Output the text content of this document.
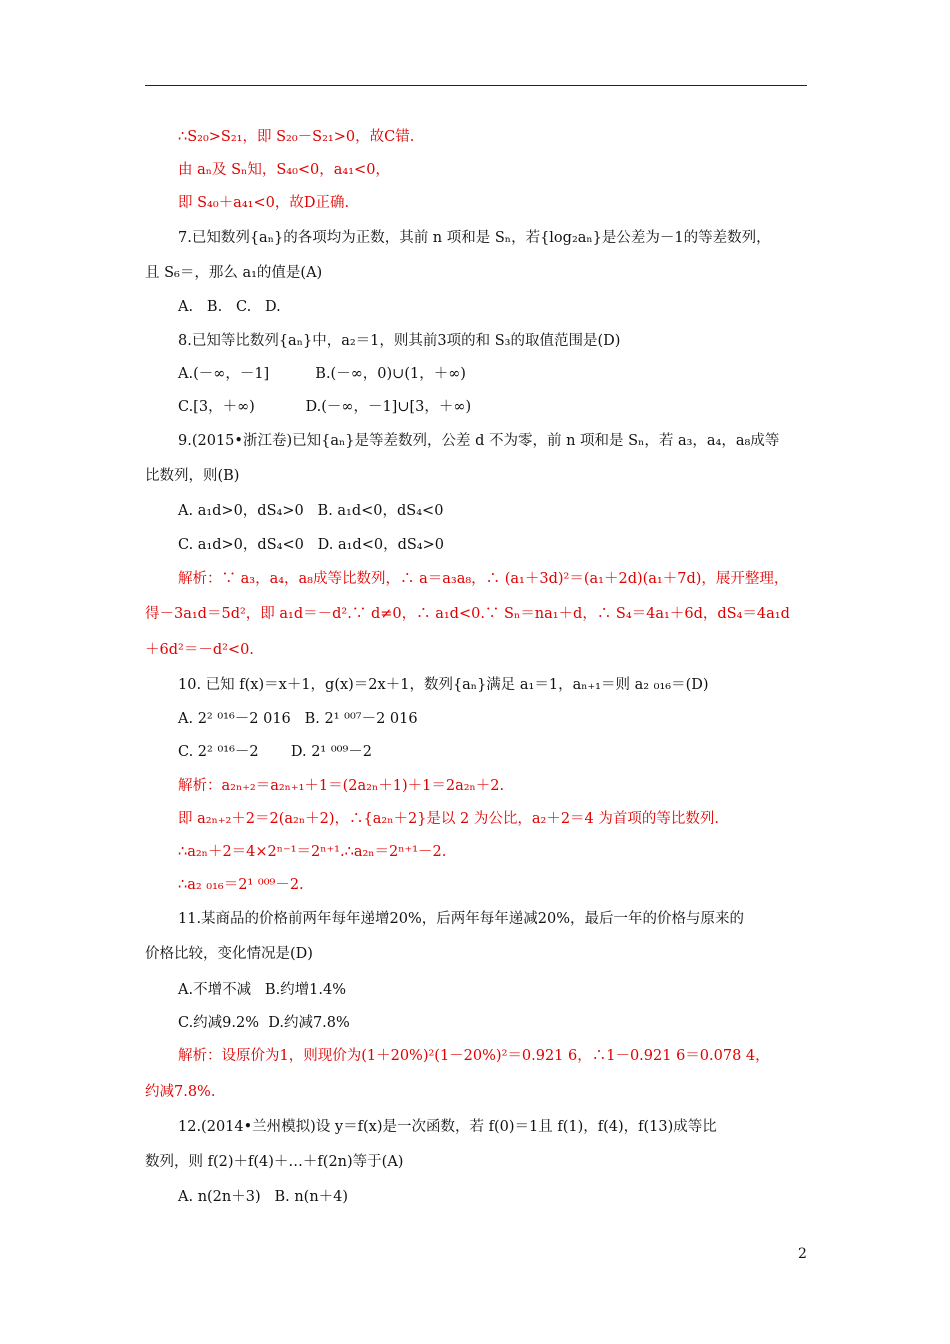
∴S₂₀>S₂₁，即 S₂₀－S₂₁>0，故C错.
由 aₙ及 Sₙ知，S₄₀<0，a₄₁<0，
即 S₄₀＋a₄₁<0，故D正确.
7.已知数列{aₙ}的各项均为正数，其前 n 项和是 Sₙ，若{log₂aₙ}是公差为－1的等差数列，
且 S₆＝，那么 a₁的值是(A)
A.   B.   C.   D.
8.已知等比数列{aₙ}中，a₂＝1，则其前3项的和 S₃的取值范围是(D)
A.(－∞，－1]          B.(－∞，0)∪(1，＋∞)
C.[3，＋∞)           D.(－∞，－1]∪[3，＋∞)
9.(2015•浙江卷)已知{aₙ}是等差数列，公差 d 不为零，前 n 项和是 Sₙ，若 a₃，a₄，a₈成等
比数列，则(B)
A. a₁d>0，dS₄>0   B. a₁d<0，dS₄<0
C. a₁d>0，dS₄<0   D. a₁d<0，dS₄>0
解析：∵ a₃，a₄，a₈成等比数列，∴ a＝a₃a₈，∴ (a₁＋3d)²＝(a₁＋2d)(a₁＋7d)，展开整理，
得－3a₁d＝5d²，即 a₁d＝－d².∵ d≠0，∴ a₁d<0.∵ Sₙ＝na₁＋d，∴ S₄＝4a₁＋6d，dS₄＝4a₁d
＋6d²＝－d²<0.
10. 已知 f(x)＝x＋1，g(x)＝2x＋1，数列{aₙ}满足 a₁＝1，aₙ₊₁＝则 a₂ ₀₁₆＝(D)
A. 2² ⁰¹⁶－2 016   B. 2¹ ⁰⁰⁷－2 016
C. 2² ⁰¹⁶－2       D. 2¹ ⁰⁰⁹－2
解析：a₂ₙ₊₂＝a₂ₙ₊₁＋1＝(2a₂ₙ＋1)＋1＝2a₂ₙ＋2.
即 a₂ₙ₊₂＋2＝2(a₂ₙ＋2)，∴{a₂ₙ＋2}是以 2 为公比，a₂＋2＝4 为首项的等比数列.
∴a₂ₙ＋2＝4×2ⁿ⁻¹＝2ⁿ⁺¹.∴a₂ₙ＝2ⁿ⁺¹－2.
∴a₂ ₀₁₆＝2¹ ⁰⁰⁹－2.
11.某商品的价格前两年每年递增20%，后两年每年递减20%，最后一年的价格与原来的
价格比较，变化情况是(D)
A.不增不减   B.约增1.4%
C.约减9.2%  D.约减7.8%
解析：设原价为1，则现价为(1＋20%)²(1－20%)²＝0.921 6，∴1－0.921 6＝0.078 4，
约减7.8%.
12.(2014•兰州模拟)设 y＝f(x)是一次函数，若 f(0)＝1且 f(1)，f(4)，f(13)成等比
数列，则 f(2)＋f(4)＋…＋f(2n)等于(A)
A. n(2n＋3)   B. n(n＋4)
2
